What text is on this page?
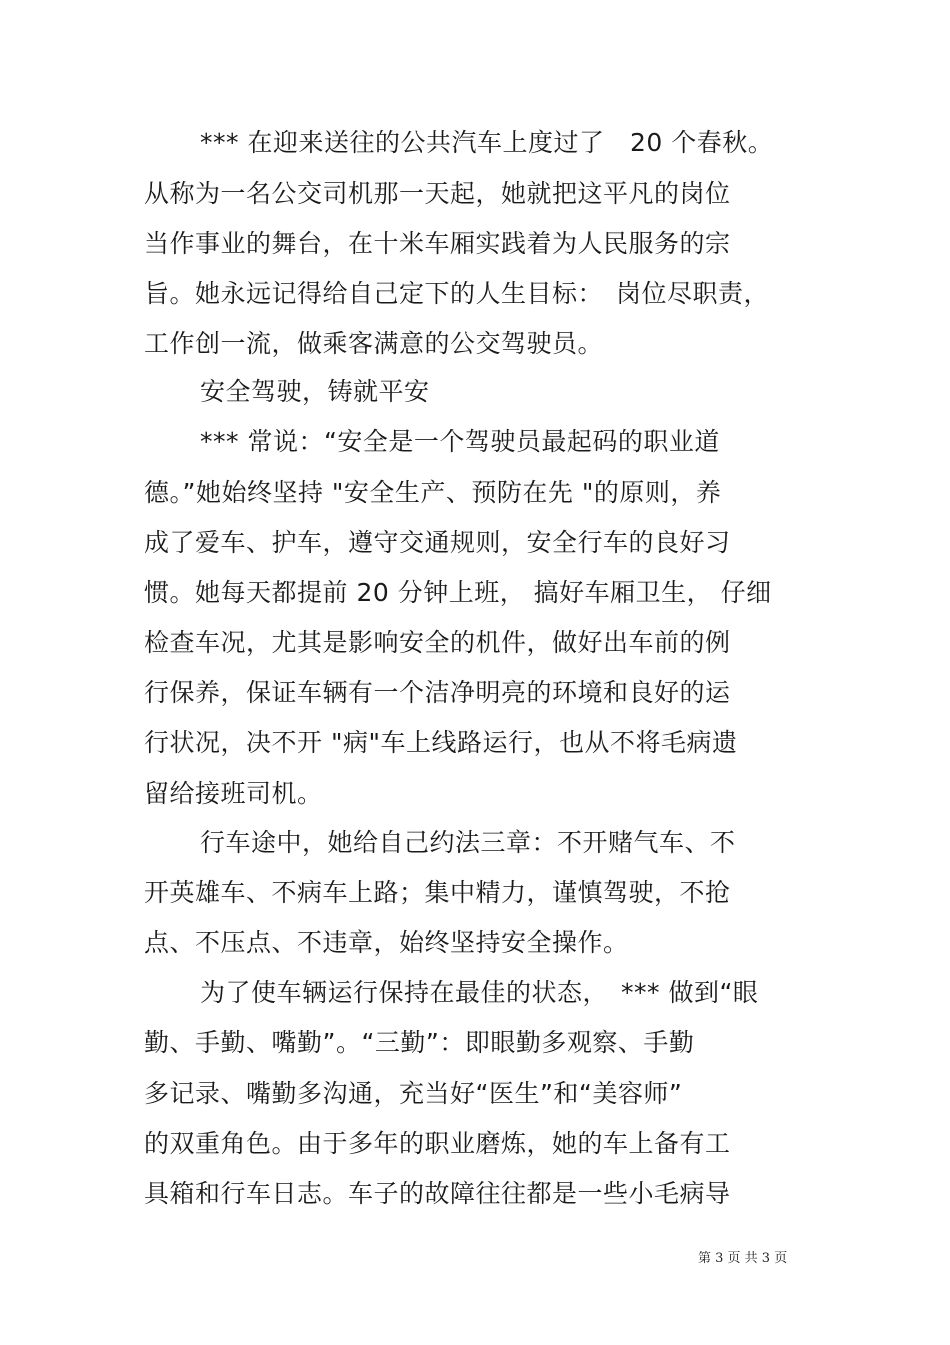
*** 在迎来送往的公共汽车上度过了　20 个春秋。
从称为一名公交司机那一天起，她就把这平凡的岗位
当作事业的舞台，在十米车厢实践着为人民服务的宗
旨。她永远记得给自己定下的人生目标：　岗位尽职责，
工作创一流，做乘客满意的公交驾驶员。
安全驾驶，铸就平安
*** 常说：“安全是一个驾驶员最起码的职业道
德。”她始终坚持 "安全生产、预防在先 "的原则，养
成了爱车、护车，遵守交通规则，安全行车的良好习
惯。她每天都提前 20 分钟上班， 搞好车厢卫生， 仔细
检查车况，尤其是影响安全的机件，做好出车前的例
行保养，保证车辆有一个洁净明亮的环境和良好的运
行状况，决不开 "病"车上线路运行，也从不将毛病遗
留给接班司机。
行车途中，她给自己约法三章：不开赌气车、不
开英雄车、不病车上路；集中精力，谨慎驾驶，不抢
点、不压点、不违章，始终坚持安全操作。
为了使车辆运行保持在最佳的状态，　*** 做到“眼
勤、手勤、嘴勤”。“三勤”：即眼勤多观察、手勤
多记录、嘴勤多沟通，充当好“医生”和“美容师”
的双重角色。由于多年的职业磨炼，她的车上备有工
具箱和行车日志。车子的故障往往都是一些小毛病导
第 3 页 共 3 页
